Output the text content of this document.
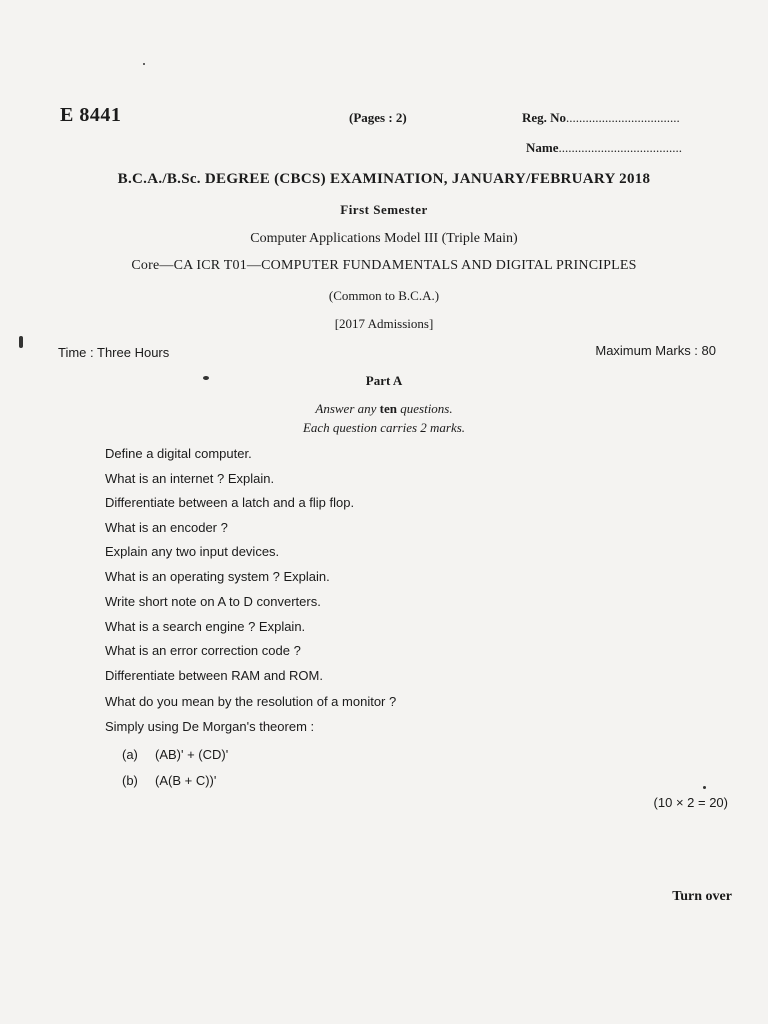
E 8441	(Pages : 2)	Reg. No...................................
Name......................................
B.C.A./B.Sc. DEGREE (CBCS) EXAMINATION, JANUARY/FEBRUARY 2018
First Semester
Computer Applications Model III (Triple Main)
Core—CA ICR T01—COMPUTER FUNDAMENTALS AND DIGITAL PRINCIPLES
(Common to B.C.A.)
[2017 Admissions]
Time : Three Hours	Maximum Marks : 80
Part A
Answer any ten questions.
Each question carries 2 marks.
Define a digital computer.
What is an internet ? Explain.
Differentiate between a latch and a flip flop.
What is an encoder ?
Explain any two input devices.
What is an operating system ? Explain.
Write short note on A to D converters.
What is a search engine ? Explain.
What is an error correction code ?
Differentiate between RAM and ROM.
What do you mean by the resolution of a monitor ?
Simply using De Morgan's theorem :
(a) (AB)' + (CD)'
(b) (A(B + C))'
(10 × 2 = 20)
Turn over
